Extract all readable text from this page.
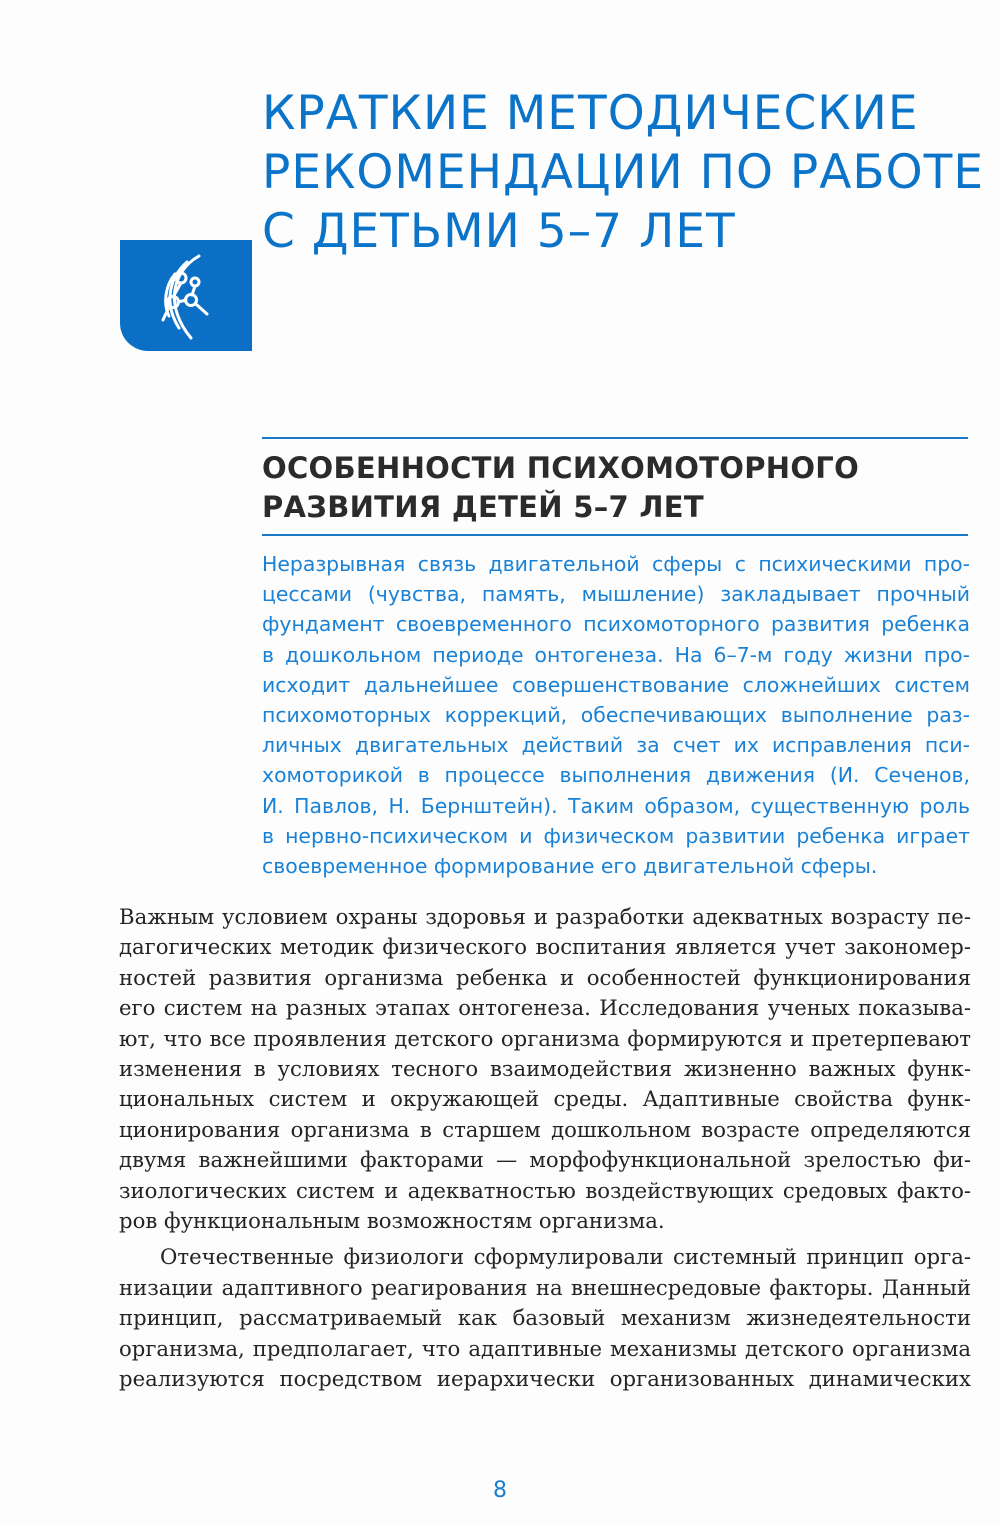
КРАТКИЕ МЕТОДИЧЕСКИЕ
РЕКОМЕНДАЦИИ ПО РАБОТЕ
С ДЕТЬМИ 5–7 ЛЕТ
ОСОБЕННОСТИ ПСИХОМОТОРНОГО
РАЗВИТИЯ ДЕТЕЙ 5–7 ЛЕТ
Неразрывная связь двигательной сферы с психическими про-
цессами (чувства, память, мышление) закладывает прочный
фундамент своевременного психомоторного развития ребенка
в дошкольном периоде онтогенеза. На 6–7-м году жизни про-
исходит дальнейшее совершенствование сложнейших систем
психомоторных коррекций, обеспечивающих выполнение раз-
личных двигательных действий за счет их исправления пси-
хомоторикой в процессе выполнения движения (И. Сеченов,
И. Павлов, Н. Бернштейн). Таким образом, существенную роль
в нервно-психическом и физическом развитии ребенка играет
своевременное формирование его двигательной сферы.

Важным условием охраны здоровья и разработки адекватных возрасту пе-
дагогических методик физического воспитания является учет закономер-
ностей развития организма ребенка и особенностей функционирования
его систем на разных этапах онтогенеза. Исследования ученых показыва-
ют, что все проявления детского организма формируются и претерпевают
изменения в условиях тесного взаимодействия жизненно важных функ-
циональных систем и окружающей среды. Адаптивные свойства функ-
ционирования организма в старшем дошкольном возрасте определяются
двумя важнейшими факторами — морфофункциональной зрелостью фи-
зиологических систем и адекватностью воздействующих средовых факто-
ров функциональным возможностям организма.

Отечественные физиологи сформулировали системный принцип орга-
низации адаптивного реагирования на внешнесредовые факторы. Данный
принцип, рассматриваемый как базовый механизм жизнедеятельности
организма, предполагает, что адаптивные механизмы детского организма
реализуются посредством иерархически организованных динамических

8
